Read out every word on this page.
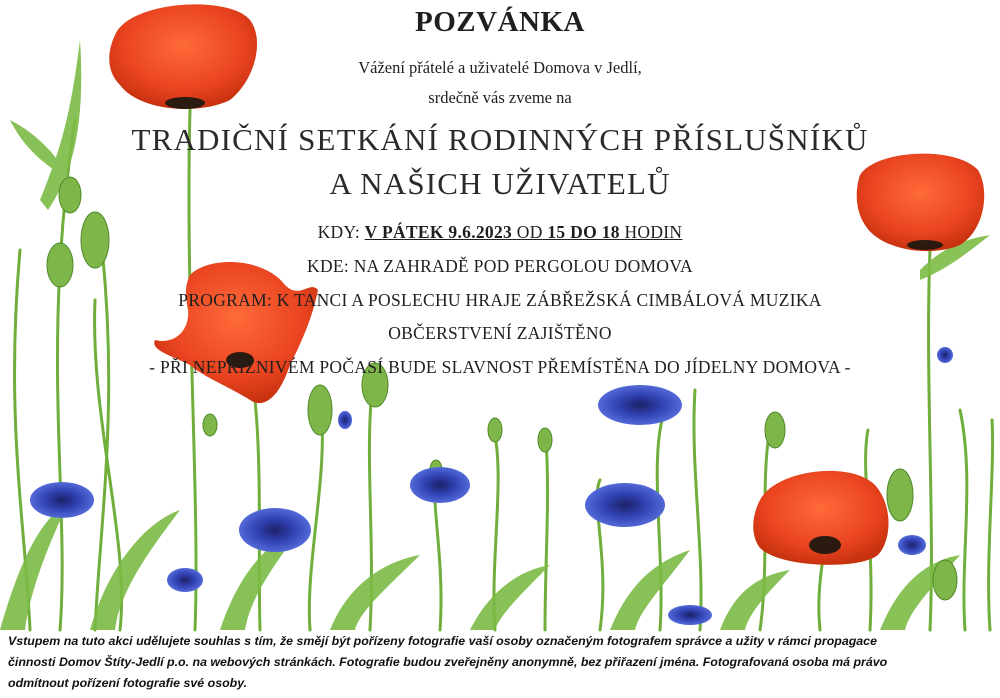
POZVÁNKA
Vážení přátelé a uživatelé Domova v Jedlí,
srdečně vás zveme na
TRADIČNÍ SETKÁNÍ RODINNÝCH PŘÍSLUŠNÍKŮ
A NAŠICH UŽIVATELŮ
KDY: V PÁTEK 9.6.2023 OD 15 DO 18 HODIN
KDE: NA ZAHRADĚ POD PERGOLOU DOMOVA
PROGRAM: K TANCI A POSLECHU HRAJE ZÁBŘEŽSKÁ CIMBÁLOVÁ MUZIKA
OBČERSTVENÍ ZAJIŠTĚNO
- PŘI NEPŘÍZNIVÉM POČASÍ BUDE SLAVNOST PŘEMÍSTĚNA DO JÍDELNY DOMOVA -
Vstupem na tuto akci udělujete souhlas s tím, že smějí být pořízeny fotografie vaší osoby označeným fotografem správce a užity v rámci propagace
činnosti Domov Štíty-Jedlí p.o. na webových stránkách. Fotografie budou zveřejněny anonymně, bez přiřazení jména. Fotografovaná osoba má právo
odmítnout pořízení fotografie své osoby.
